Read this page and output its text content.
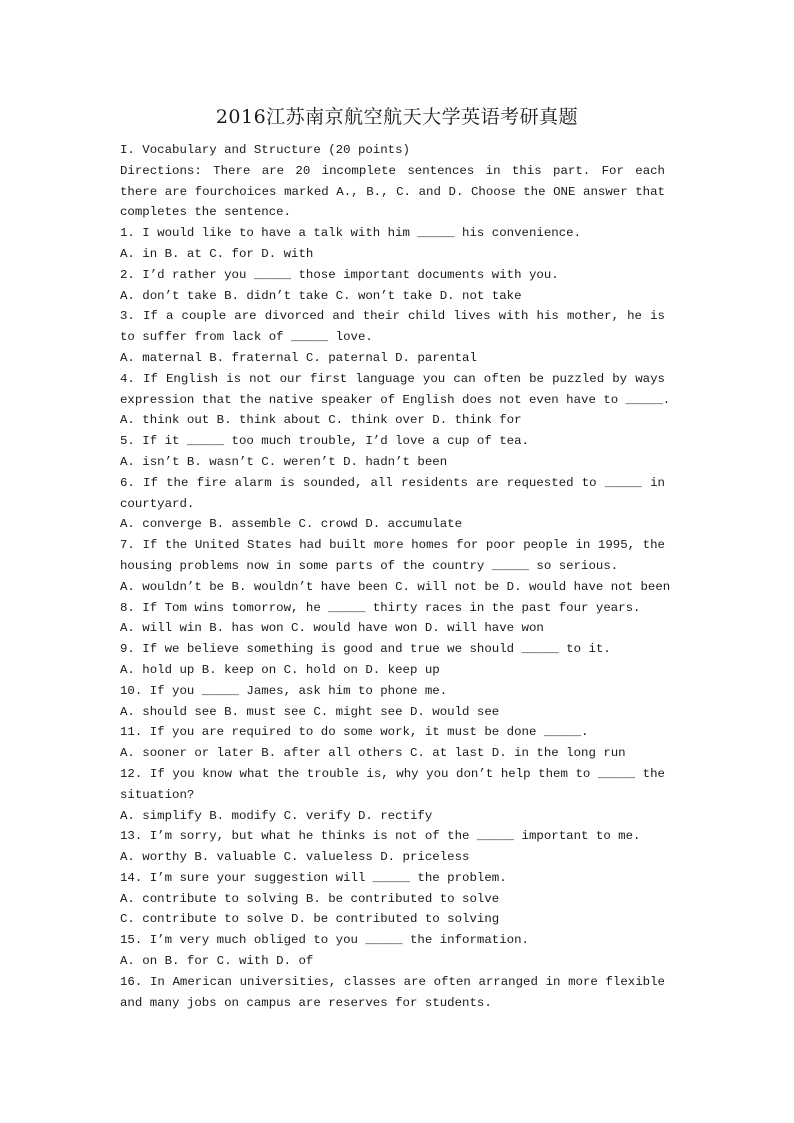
2016江苏南京航空航天大学英语考研真题
I. Vocabulary and Structure (20 points)
Directions: There are 20 incomplete sentences in this part. For each
there are fourchoices marked A., B., C. and D. Choose the ONE answer that
completes the sentence.
1. I would like to have a talk with him _____ his convenience.
A. in B. at C. for D. with
2. I’d rather you _____ those important documents with you.
A. don’t take B. didn’t take C. won’t take D. not take
3. If a couple are divorced and their child lives with his mother, he is
to suffer from lack of _____ love.
A. maternal B. fraternal C. paternal D. parental
4. If English is not our first language you can often be puzzled by ways
expression that the native speaker of English does not even have to _____.
A. think out B. think about C. think over D. think for
5. If it _____ too much trouble, I’d love a cup of tea.
A. isn’t B. wasn’t C. weren’t D. hadn’t been
6. If the fire alarm is sounded, all residents are requested to _____ in
courtyard.
A. converge B. assemble C. crowd D. accumulate
7. If the United States had built more homes for poor people in 1995, the
housing problems now in some parts of the country _____ so serious.
A. wouldn’t be B. wouldn’t have been C. will not be D. would have not been
8. If Tom wins tomorrow, he _____ thirty races in the past four years.
A. will win B. has won C. would have won D. will have won
9. If we believe something is good and true we should _____ to it.
A. hold up B. keep on C. hold on D. keep up
10. If you _____ James, ask him to phone me.
A. should see B. must see C. might see D. would see
11. If you are required to do some work, it must be done _____.
A. sooner or later B. after all others C. at last D. in the long run
12. If you know what the trouble is, why you don’t help them to _____ the
situation?
A. simplify B. modify C. verify D. rectify
13. I’m sorry, but what he thinks is not of the _____ important to me.
A. worthy B. valuable C. valueless D. priceless
14. I’m sure your suggestion will _____ the problem.
A. contribute to solving B. be contributed to solve
C. contribute to solve D. be contributed to solving
15. I’m very much obliged to you _____ the information.
A. on B. for C. with D. of
16. In American universities, classes are often arranged in more flexible
and many jobs on campus are reserves for students.
